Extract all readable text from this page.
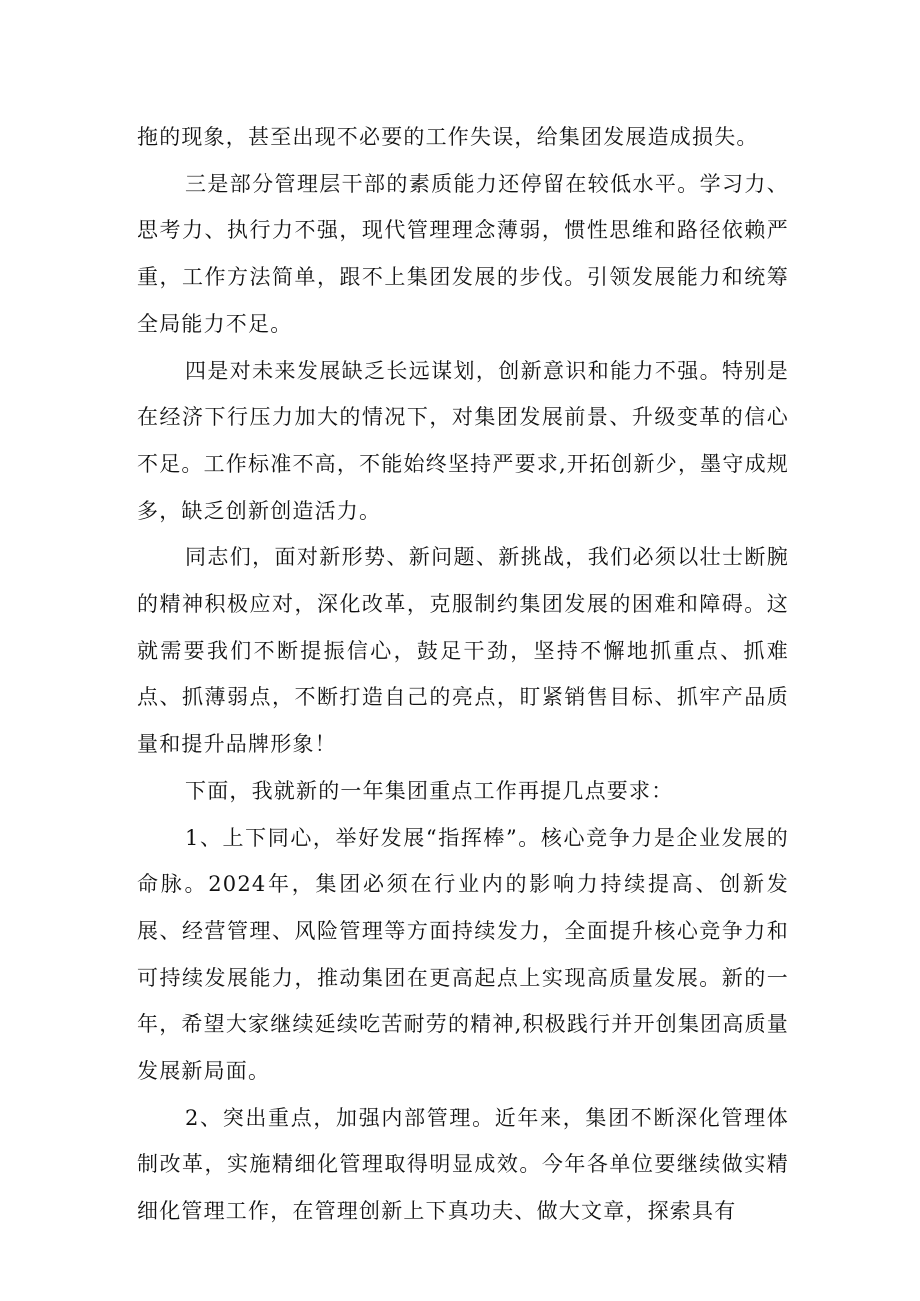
拖的现象，甚至出现不必要的工作失误，给集团发展造成损失。

三是部分管理层干部的素质能力还停留在较低水平。学习力、思考力、执行力不强，现代管理理念薄弱，惯性思维和路径依赖严重，工作方法简单，跟不上集团发展的步伐。引领发展能力和统筹全局能力不足。

四是对未来发展缺乏长远谋划，创新意识和能力不强。特别是在经济下行压力加大的情况下，对集团发展前景、升级变革的信心不足。工作标准不高，不能始终坚持严要求,开拓创新少，墨守成规多，缺乏创新创造活力。

同志们，面对新形势、新问题、新挑战，我们必须以壮士断腕的精神积极应对，深化改革，克服制约集团发展的困难和障碍。这就需要我们不断提振信心，鼓足干劲，坚持不懈地抓重点、抓难点、抓薄弱点，不断打造自己的亮点，盯紧销售目标、抓牢产品质量和提升品牌形象！

下面，我就新的一年集团重点工作再提几点要求：

1、上下同心，举好发展“指挥棒”。核心竞争力是企业发展的命脉。2024年，集团必须在行业内的影响力持续提高、创新发展、经营管理、风险管理等方面持续发力，全面提升核心竞争力和可持续发展能力，推动集团在更高起点上实现高质量发展。新的一年，希望大家继续延续吃苦耐劳的精神,积极践行并开创集团高质量发展新局面。

2、突出重点，加强内部管理。近年来，集团不断深化管理体制改革，实施精细化管理取得明显成效。今年各单位要继续做实精细化管理工作，在管理创新上下真功夫、做大文章，探索具有
